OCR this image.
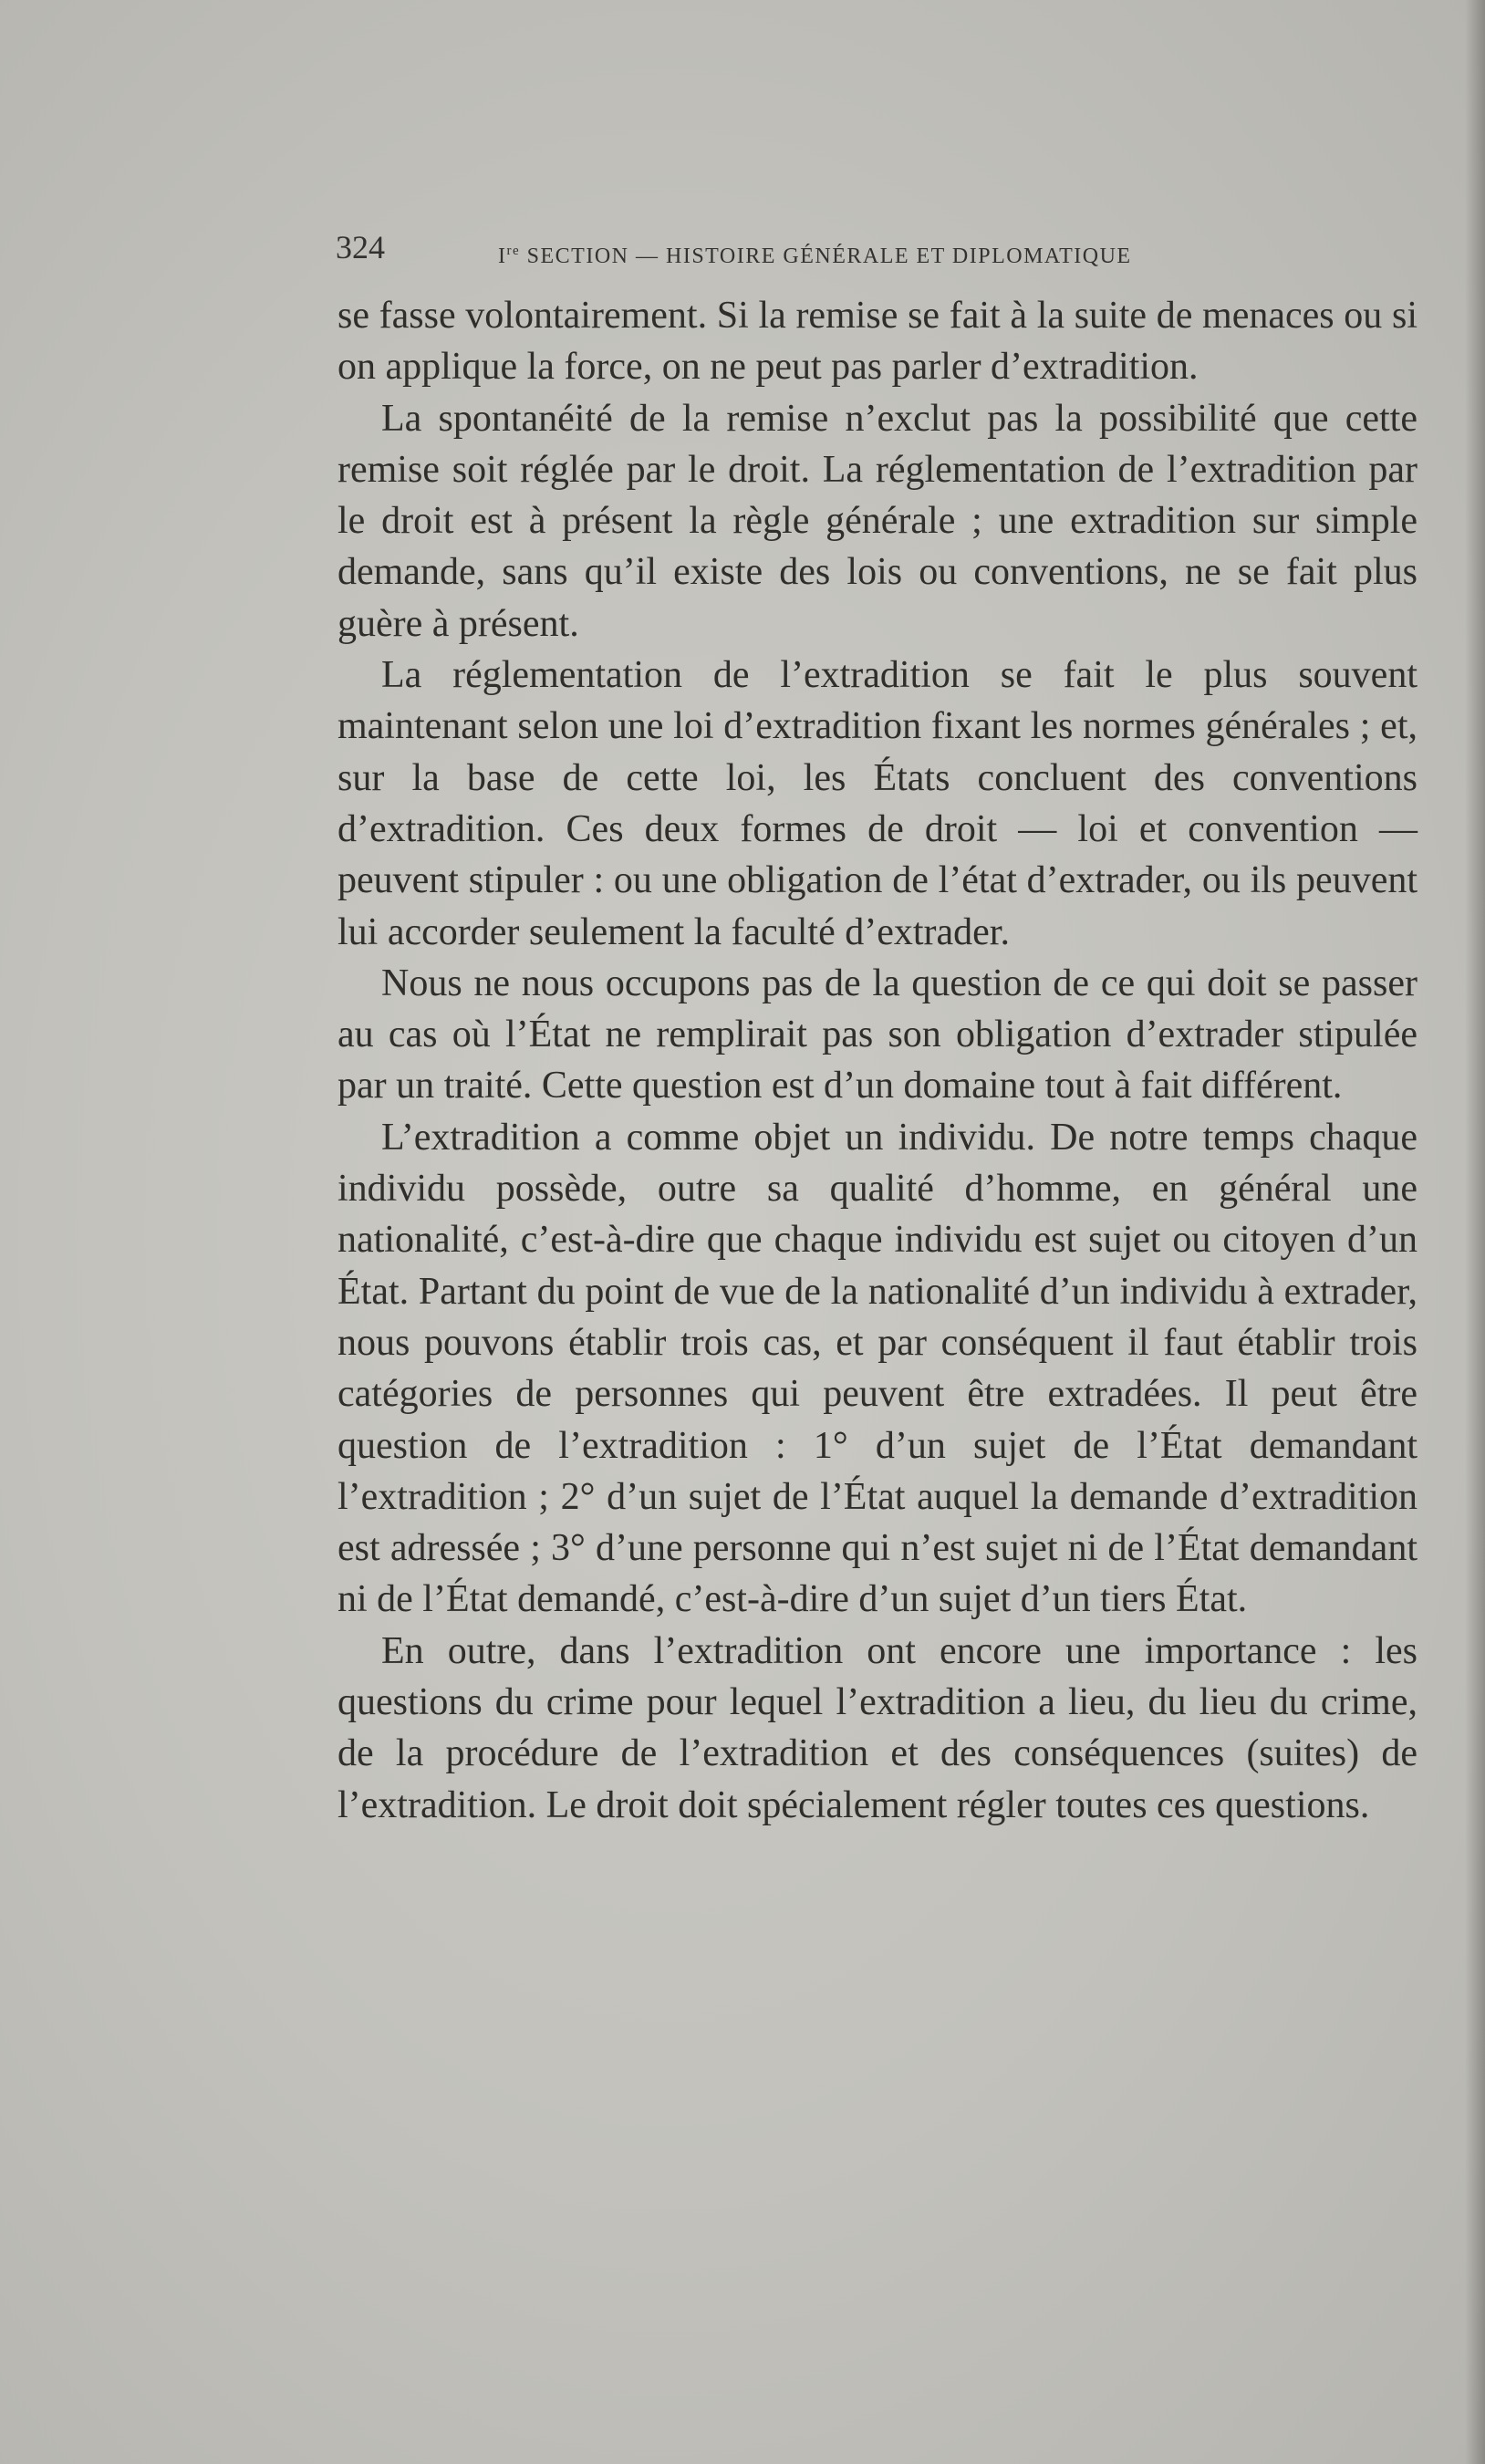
324	Ire SECTION — HISTOIRE GÉNÉRALE ET DIPLOMATIQUE

se fasse volontairement. Si la remise se fait à la suite de menaces ou si on applique la force, on ne peut pas parler d’extradition.

La spontanéité de la remise n’exclut pas la possibilité que cette remise soit réglée par le droit. La réglementation de l’extradition par le droit est à présent la règle générale ; une extradition sur simple demande, sans qu’il existe des lois ou conventions, ne se fait plus guère à présent.

La réglementation de l’extradition se fait le plus souvent maintenant selon une loi d’extradition fixant les normes générales ; et, sur la base de cette loi, les États concluent des conventions d’extradition. Ces deux formes de droit — loi et convention — peuvent stipuler : ou une obligation de l’état d’extrader, ou ils peuvent lui accorder seulement la faculté d’extrader.

Nous ne nous occupons pas de la question de ce qui doit se passer au cas où l’État ne remplirait pas son obligation d’extrader stipulée par un traité. Cette question est d’un domaine tout à fait différent.

L’extradition a comme objet un individu. De notre temps chaque individu possède, outre sa qualité d’homme, en général une nationalité, c’est-à-dire que chaque individu est sujet ou citoyen d’un État. Partant du point de vue de la nationalité d’un individu à extrader, nous pouvons établir trois cas, et par conséquent il faut établir trois catégories de personnes qui peuvent être extradées. Il peut être question de l’extradition : 1° d’un sujet de l’État demandant l’extradition ; 2° d’un sujet de l’État auquel la demande d’extradition est adressée ; 3° d’une personne qui n’est sujet ni de l’État demandant ni de l’État demandé, c’est-à-dire d’un sujet d’un tiers État.

En outre, dans l’extradition ont encore une importance : les questions du crime pour lequel l’extradition a lieu, du lieu du crime, de la procédure de l’extradition et des conséquences (suites) de l’extradition. Le droit doit spécialement régler toutes ces questions.
